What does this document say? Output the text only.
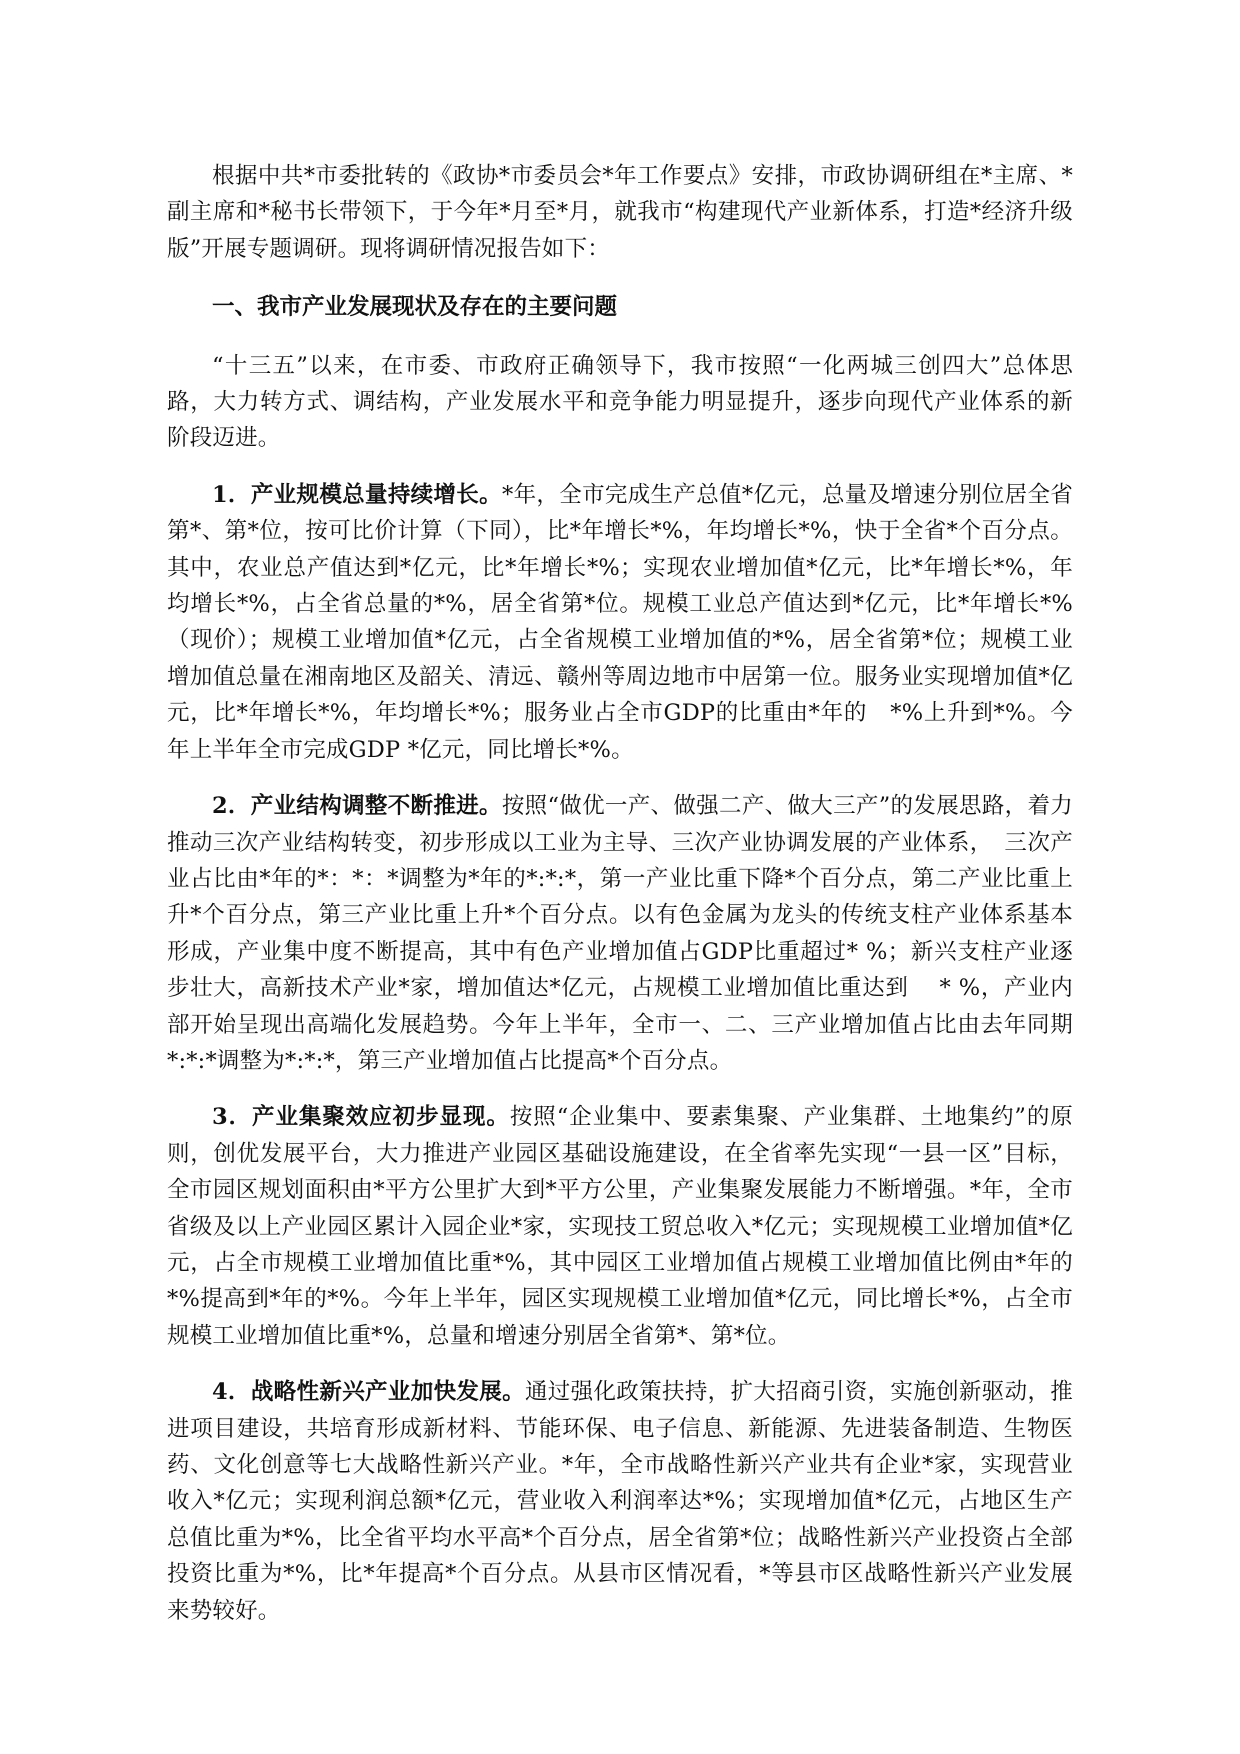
根据中共*市委批转的《政协*市委员会*年工作要点》安排，市政协调研组在*主席、*副主席和*秘书长带领下，于今年*月至*月，就我市“构建现代产业新体系，打造*经济升级版”开展专题调研。现将调研情况报告如下：

一、我市产业发展现状及存在的主要问题

“十三五”以来，在市委、市政府正确领导下，我市按照“一化两城三创四大”总体思路，大力转方式、调结构，产业发展水平和竞争能力明显提升，逐步向现代产业体系的新阶段迈进。

1．产业规模总量持续增长。*年，全市完成生产总值*亿元，总量及增速分别位居全省第*、第*位，按可比价计算（下同），比*年增长*%，年均增长*%，快于全省*个百分点。其中，农业总产值达到*亿元，比*年增长*%；实现农业增加值*亿元，比*年增长*%，年均增长*%，占全省总量的*%，居全省第*位。规模工业总产值达到*亿元，比*年增长*%（现价）；规模工业增加值*亿元，占全省规模工业增加值的*%，居全省第*位；规模工业增加值总量在湘南地区及韶关、清远、赣州等周边地市中居第一位。服务业实现增加值*亿元，比*年增长*%，年均增长*%；服务业占全市GDP的比重由*年的　*%上升到*%。今年上半年全市完成GDP *亿元，同比增长*%。

2．产业结构调整不断推进。按照“做优一产、做强二产、做大三产”的发展思路，着力推动三次产业结构转变，初步形成以工业为主导、三次产业协调发展的产业体系，　三次产业占比由*年的*：*：*调整为*年的*:*:*，第一产业比重下降*个百分点，第二产业比重上升*个百分点，第三产业比重上升*个百分点。以有色金属为龙头的传统支柱产业体系基本形成，产业集中度不断提高，其中有色产业增加值占GDP比重超过* %；新兴支柱产业逐步壮大，高新技术产业*家，增加值达*亿元，占规模工业增加值比重达到　 * %，产业内部开始呈现出高端化发展趋势。今年上半年，全市一、二、三产业增加值占比由去年同期*:*:*调整为*:*:*，第三产业增加值占比提高*个百分点。

3．产业集聚效应初步显现。按照“企业集中、要素集聚、产业集群、土地集约”的原则，创优发展平台，大力推进产业园区基础设施建设，在全省率先实现“一县一区”目标，全市园区规划面积由*平方公里扩大到*平方公里，产业集聚发展能力不断增强。*年，全市省级及以上产业园区累计入园企业*家，实现技工贸总收入*亿元；实现规模工业增加值*亿元，占全市规模工业增加值比重*%，其中园区工业增加值占规模工业增加值比例由*年的*%提高到*年的*%。今年上半年，园区实现规模工业增加值*亿元，同比增长*%，占全市规模工业增加值比重*%，总量和增速分别居全省第*、第*位。

4．战略性新兴产业加快发展。通过强化政策扶持，扩大招商引资，实施创新驱动，推进项目建设，共培育形成新材料、节能环保、电子信息、新能源、先进装备制造、生物医药、文化创意等七大战略性新兴产业。*年，全市战略性新兴产业共有企业*家，实现营业收入*亿元；实现利润总额*亿元，营业收入利润率达*%；实现增加值*亿元，占地区生产总值比重为*%，比全省平均水平高*个百分点，居全省第*位；战略性新兴产业投资占全部投资比重为*%，比*年提高*个百分点。从县市区情况看，*等县市区战略性新兴产业发展来势较好。
